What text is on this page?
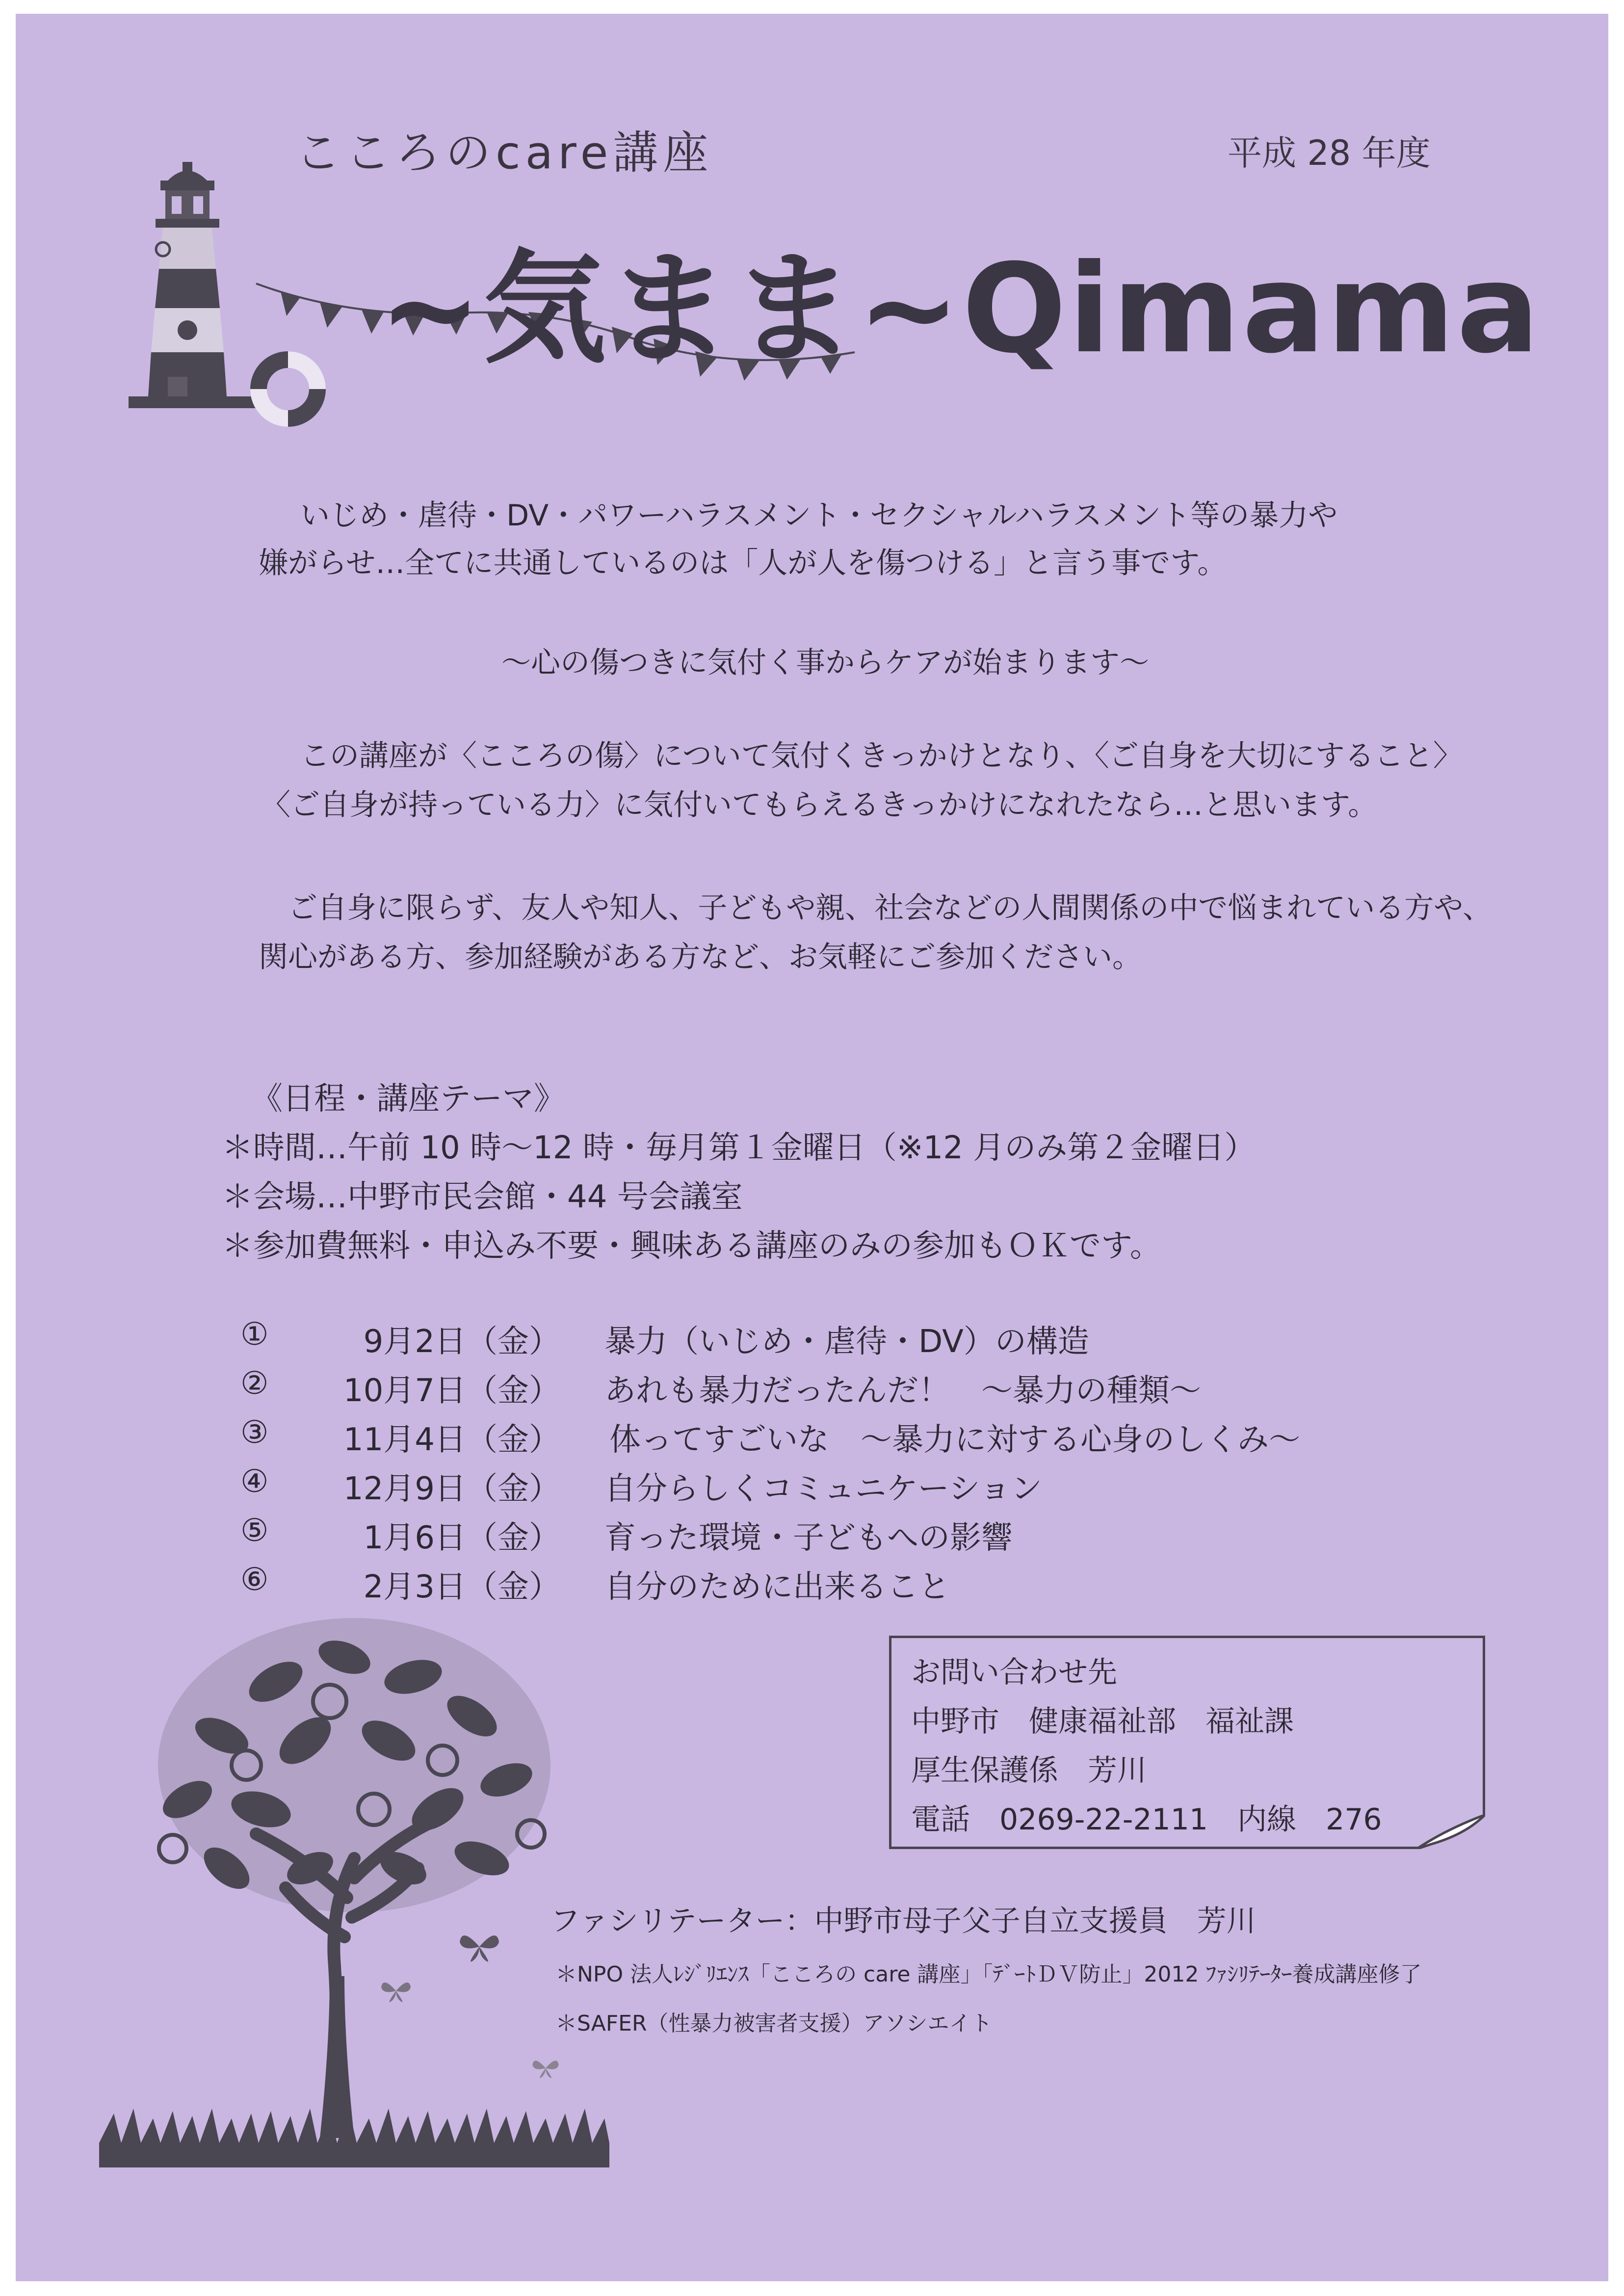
こころのcare講座	平成 28 年度
~気まま~Qimama
いじめ・虐待・DV・パワーハラスメント・セクシャルハラスメント等の暴力や
嫌がらせ…全てに共通しているのは「人が人を傷つける」と言う事です。
～心の傷つきに気付く事からケアが始まります～
この講座が〈こころの傷〉について気付くきっかけとなり、〈ご自身を大切にすること〉
〈ご自身が持っている力〉に気付いてもらえるきっかけになれたなら…と思います。
ご自身に限らず、友人や知人、子どもや親、社会などの人間関係の中で悩まれている方や、
関心がある方、参加経験がある方など、お気軽にご参加ください。
《日程・講座テーマ》
＊時間…午前 10 時～12 時・毎月第１金曜日（※12 月のみ第２金曜日）
＊会場…中野市民会館・44 号会議室
＊参加費無料・申込み不要・興味ある講座のみの参加もＯＫです。
①	9月2日（金） 暴力（いじめ・虐待・DV）の構造
②	10月7日（金） あれも暴力だったんだ！　～暴力の種類～
③	11月4日（金） 体ってすごいな　～暴力に対する心身のしくみ～
④	12月9日（金） 自分らしくコミュニケーション
⑤	1月6日（金） 育った環境・子どもへの影響
⑥	2月3日（金） 自分のために出来ること
お問い合わせ先
中野市　健康福祉部　福祉課
厚生保護係　芳川
電話　0269-22-2111　内線　276
ファシリテーター：中野市母子父子自立支援員　芳川
＊NPO 法人ﾚｼﾞﾘｴﾝｽ「こころの care 講座」「ﾃﾞｰﾄＤＶ防止」2012 ﾌｧｼﾘﾃｰﾀｰ養成講座修了
＊SAFER（性暴力被害者支援）アソシエイト
